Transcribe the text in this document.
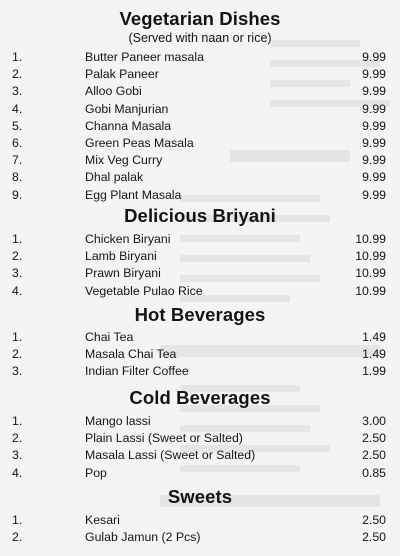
Vegetarian Dishes

(Served with naan or rice)

1.	Butter Paneer masala	9.99
2.	Palak Paneer	9.99
3.	Alloo Gobi	9.99
4.	Gobi Manjurian	9.99
5.	Channa Masala	9.99
6.	Green Peas Masala	9.99
7.	Mix Veg Curry	9.99
8.	Dhal palak	9.99
9.	Egg Plant Masala	9.99
Delicious Briyani
1.	Chicken Biryani	10.99
2.	Lamb Biryani	10.99
3.	Prawn Biryani	10.99
4.	Vegetable Pulao Rice	10.99
Hot Beverages
1.	Chai Tea	1.49
2.	Masala Chai Tea	1.49
3.	Indian Filter Coffee	1.99
Cold Beverages
1.	Mango lassi	3.00
2.	Plain Lassi (Sweet or Salted)	2.50
3.	Masala Lassi (Sweet or Salted)	2.50
4.	Pop	0.85
Sweets
1.	Kesari	2.50
2.	Gulab Jamun (2 Pcs)	2.50
